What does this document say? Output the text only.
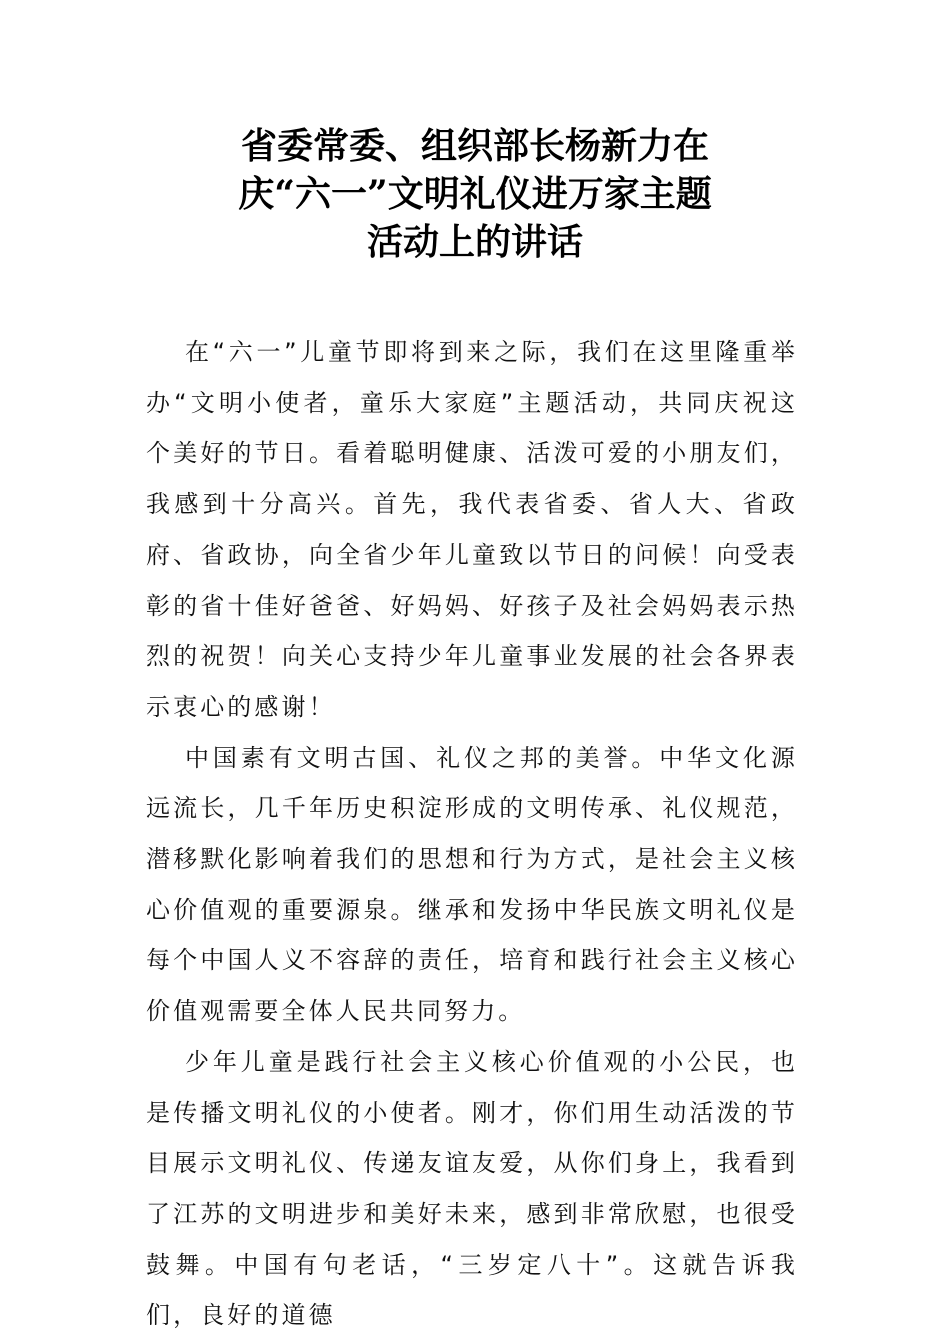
省委常委、组织部长杨新力在
庆“六一”文明礼仪进万家主题
活动上的讲话

在“六一”儿童节即将到来之际，我们在这里隆重举办“文明小使者，童乐大家庭”主题活动，共同庆祝这个美好的节日。看着聪明健康、活泼可爱的小朋友们，我感到十分高兴。首先，我代表省委、省人大、省政府、省政协，向全省少年儿童致以节日的问候！向受表彰的省十佳好爸爸、好妈妈、好孩子及社会妈妈表示热烈的祝贺！向关心支持少年儿童事业发展的社会各界表示衷心的感谢！

中国素有文明古国、礼仪之邦的美誉。中华文化源远流长，几千年历史积淀形成的文明传承、礼仪规范，潜移默化影响着我们的思想和行为方式，是社会主义核心价值观的重要源泉。继承和发扬中华民族文明礼仪是每个中国人义不容辞的责任，培育和践行社会主义核心价值观需要全体人民共同努力。

少年儿童是践行社会主义核心价值观的小公民，也是传播文明礼仪的小使者。刚才，你们用生动活泼的节目展示文明礼仪、传递友谊友爱，从你们身上，我看到了江苏的文明进步和美好未来，感到非常欣慰，也很受鼓舞。中国有句老话，“三岁定八十”。这就告诉我们，良好的道德
